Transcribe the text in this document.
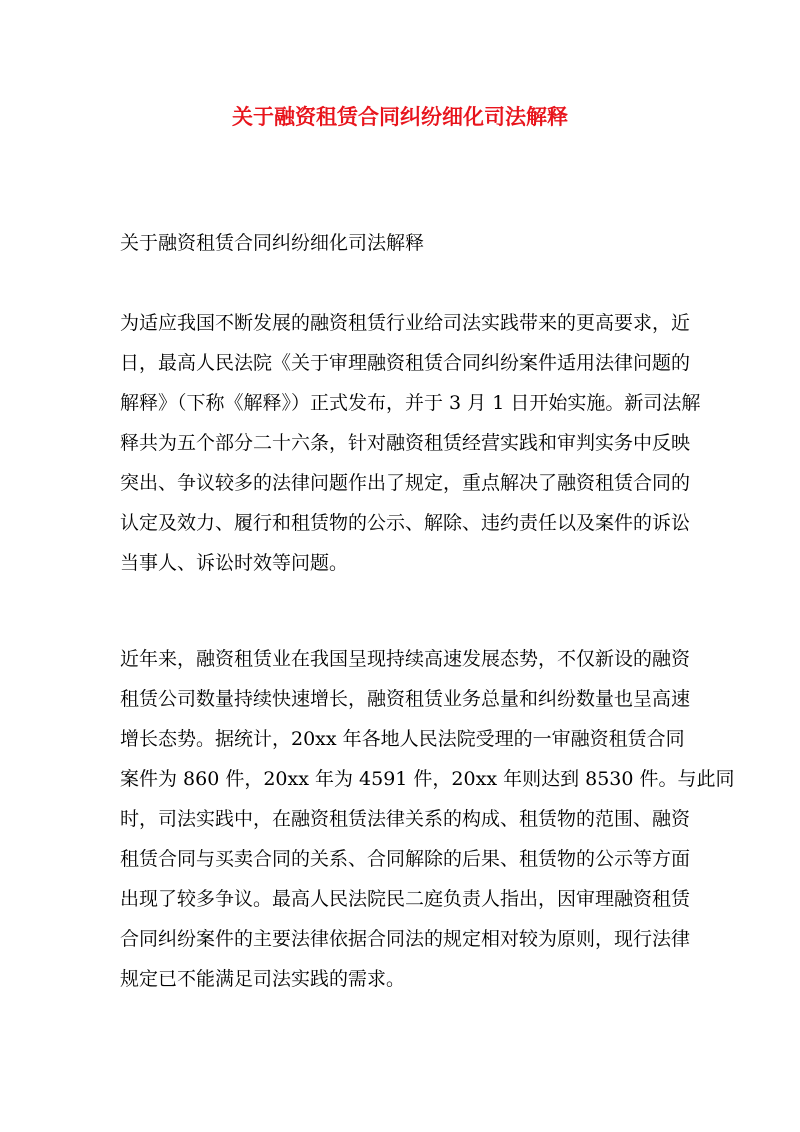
关于融资租赁合同纠纷细化司法解释

关于融资租赁合同纠纷细化司法解释

为适应我国不断发展的融资租赁行业给司法实践带来的更高要求，近
日，最高人民法院《关于审理融资租赁合同纠纷案件适用法律问题的
解释》（下称《解释》）正式发布，并于 3 月 1 日开始实施。新司法解
释共为五个部分二十六条，针对融资租赁经营实践和审判实务中反映
突出、争议较多的法律问题作出了规定，重点解决了融资租赁合同的
认定及效力、履行和租赁物的公示、解除、违约责任以及案件的诉讼
当事人、诉讼时效等问题。
近年来，融资租赁业在我国呈现持续高速发展态势，不仅新设的融资
租赁公司数量持续快速增长，融资租赁业务总量和纠纷数量也呈高速
增长态势。据统计，20xx 年各地人民法院受理的一审融资租赁合同
案件为 860 件，20xx 年为 4591 件，20xx 年则达到 8530 件。与此同
时，司法实践中，在融资租赁法律关系的构成、租赁物的范围、融资
租赁合同与买卖合同的关系、合同解除的后果、租赁物的公示等方面
出现了较多争议。最高人民法院民二庭负责人指出，因审理融资租赁
合同纠纷案件的主要法律依据合同法的规定相对较为原则，现行法律
规定已不能满足司法实践的需求。
